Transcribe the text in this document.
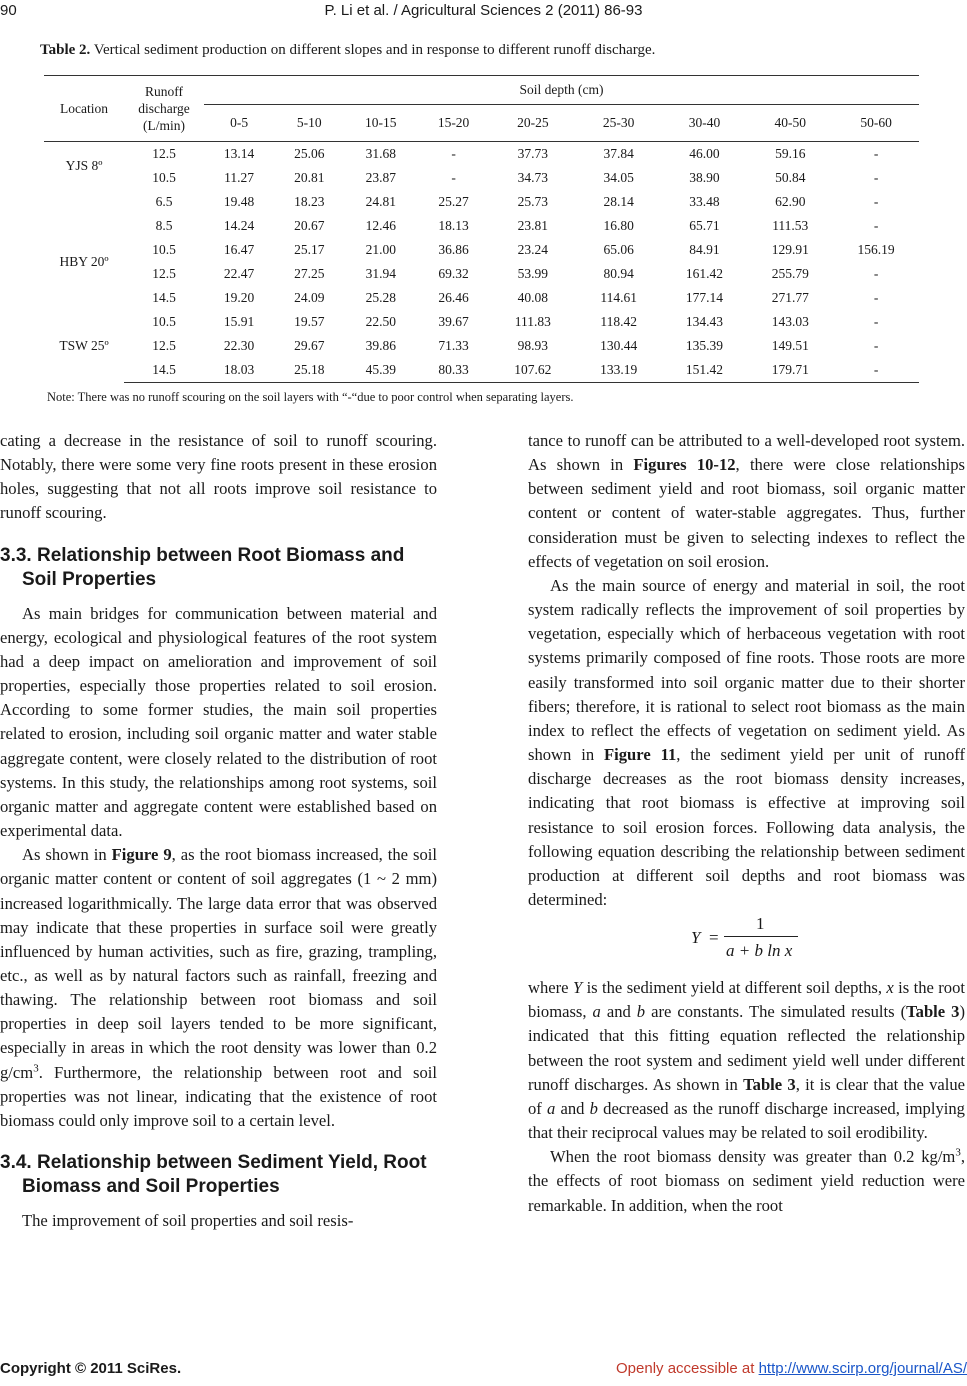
90	P. Li et al. / Agricultural Sciences 2 (2011) 86-93
Table 2. Vertical sediment production on different slopes and in response to different runoff discharge.
Location	Runoff discharge (L/min)	Soil depth (cm)								
		0-5	5-10	10-15	15-20	20-25	25-30	30-40	40-50	50-60
YJS 8º	12.5	13.14	25.06	31.68	-	37.73	37.84	46.00	59.16	-
	10.5	11.27	20.81	23.87	-	34.73	34.05	38.90	50.84	-
	6.5	19.48	18.23	24.81	25.27	25.73	28.14	33.48	62.90	-
HBY 20º	8.5	14.24	20.67	12.46	18.13	23.81	16.80	65.71	111.53	-
	10.5	16.47	25.17	21.00	36.86	23.24	65.06	84.91	129.91	156.19
	12.5	22.47	27.25	31.94	69.32	53.99	80.94	161.42	255.79	-
	14.5	19.20	24.09	25.28	26.46	40.08	114.61	177.14	271.77	-
TSW 25º	10.5	15.91	19.57	22.50	39.67	111.83	118.42	134.43	143.03	-
	12.5	22.30	29.67	39.86	71.33	98.93	130.44	135.39	149.51	-
	14.5	18.03	25.18	45.39	80.33	107.62	133.19	151.42	179.71	-
Note: There was no runoff scouring on the soil layers with “-“due to poor control when separating layers.

cating a decrease in the resistance of soil to runoff scouring. Notably, there were some very fine roots present in these erosion holes, suggesting that not all roots improve soil resistance to runoff scouring.

3.3. Relationship between Root Biomass and Soil Properties

As main bridges for communication between material and energy, ecological and physiological features of the root system had a deep impact on amelioration and improvement of soil properties, especially those properties related to soil erosion. According to some former studies, the main soil properties related to erosion, including soil organic matter and water stable aggregate content, were closely related to the distribution of root systems. In this study, the relationships among root systems, soil organic matter and aggregate content were established based on experimental data.

As shown in Figure 9, as the root biomass increased, the soil organic matter content or content of soil aggregates (1 ~ 2 mm) increased logarithmically. The large data error that was observed may indicate that these properties in surface soil were greatly influenced by human activities, such as fire, grazing, trampling, etc., as well as by natural factors such as rainfall, freezing and thawing. The relationship between root biomass and soil properties in deep soil layers tended to be more significant, especially in areas in which the root density was lower than 0.2 $g/cm^3$. Furthermore, the relationship between root and soil properties was not linear, indicating that the existence of root biomass could only improve soil to a certain level.

3.4. Relationship between Sediment Yield, Root Biomass and Soil Properties

The improvement of soil properties and soil resis-

tance to runoff can be attributed to a well-developed root system. As shown in Figures 10-12, there were close relationships between sediment yield and root biomass, soil organic matter content or content of water-stable aggregates. Thus, further consideration must be given to selecting indexes to reflect the effects of vegetation on soil erosion.

As the main source of energy and material in soil, the root system radically reflects the improvement of soil properties by vegetation, especially which of herbaceous vegetation with root systems primarily composed of fine roots. Those roots are more easily transformed into soil organic matter due to their shorter fibers; therefore, it is rational to select root biomass as the main index to reflect the effects of vegetation on sediment yield. As shown in Figure 11, the sediment yield per unit of runoff discharge decreases as the root biomass density increases, indicating that root biomass is effective at improving soil resistance to soil erosion forces. Following data analysis, the following equation describing the relationship between sediment production at different soil depths and root biomass was determined:

Y =
1
a + b ln x

where Y is the sediment yield at different soil depths, x is the root biomass, a and b are constants. The simulated results (Table 3) indicated that this fitting equation reflected the relationship between the root system and sediment yield well under different runoff discharges. As shown in Table 3, it is clear that the value of a and b decreased as the runoff discharge increased, implying that their reciprocal values may be related to soil erodibility.

When the root biomass density was greater than 0.2 $kg/m^3$, the effects of root biomass on sediment yield reduction were remarkable. In addition, when the root

Copyright © 2011 SciRes.	Openly accessible at http://www.scirp.org/journal/AS/
